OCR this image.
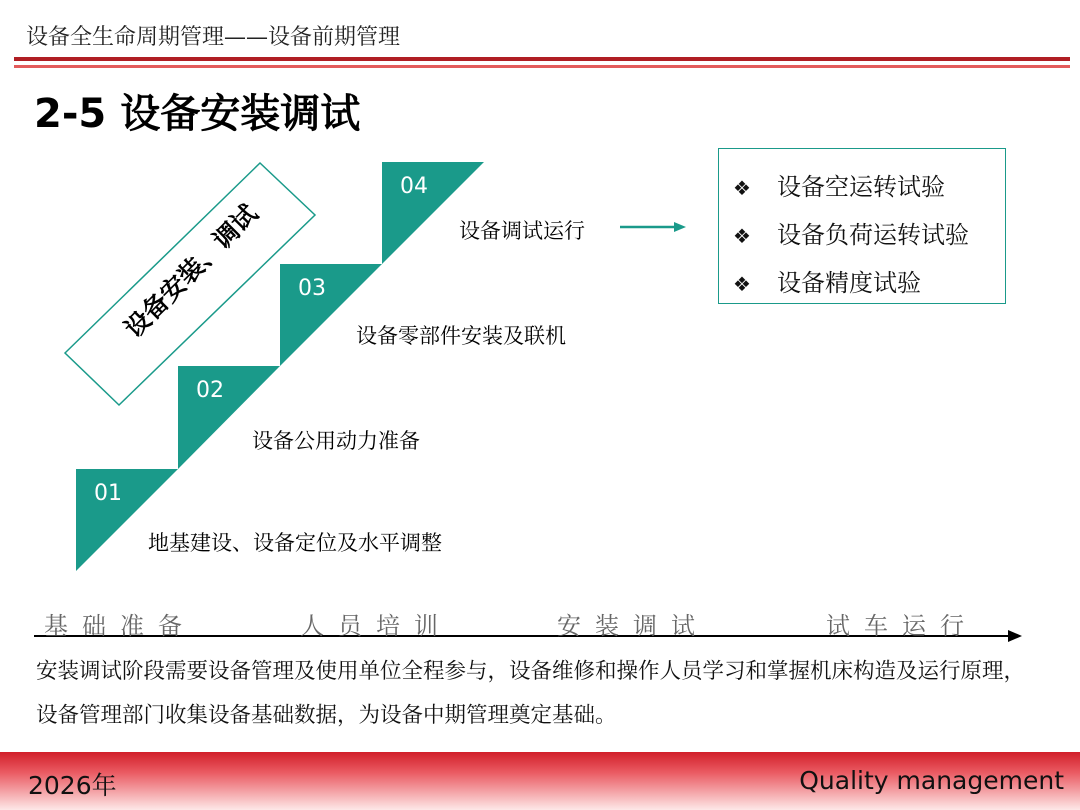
设备全生命周期管理——设备前期管理
2-5 设备安装调试
设备安装、调试
01
02
03
04
地基建设、设备定位及水平调整
设备公用动力准备
设备零部件安装及联机
设备调试运行
❖ 设备空运转试验
❖ 设备负荷运转试验
❖ 设备精度试验
基础准备	人员培训	安装调试	试车运行
安装调试阶段需要设备管理及使用单位全程参与，设备维修和操作人员学习和掌握机床构造及运行原理，设备管理部门收集设备基础数据，为设备中期管理奠定基础。
2026年	Quality management
